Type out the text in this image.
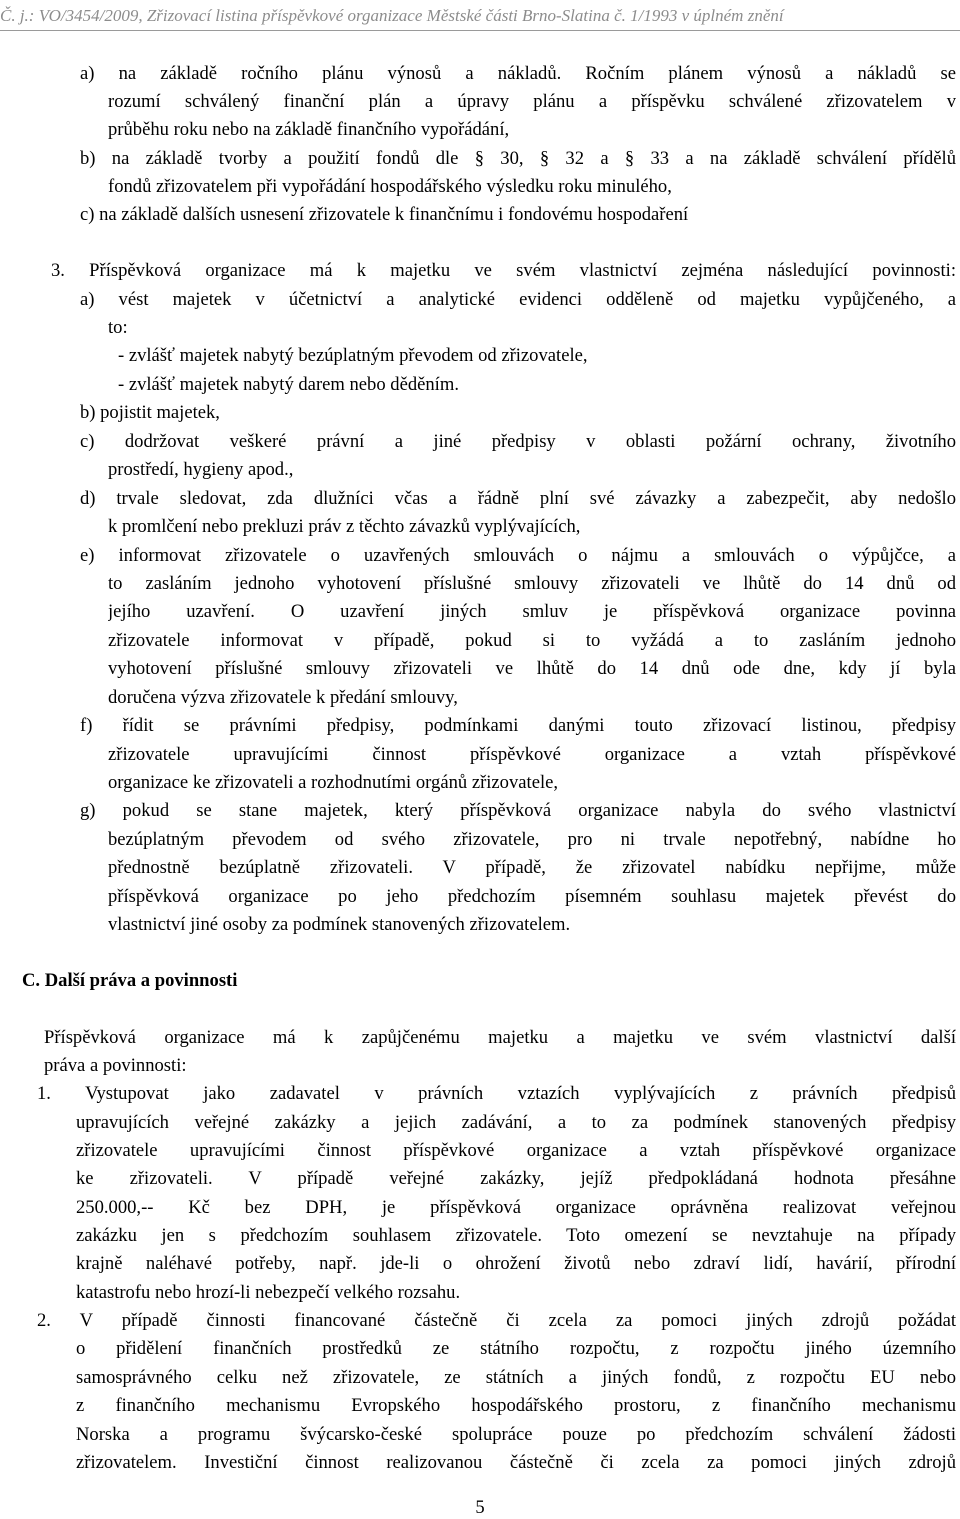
Č. j.: VO/3454/2009, Zřizovací listina příspěvkové organizace Městské části Brno-Slatina č. 1/1993 v úplném znění
a) na základě ročního plánu výnosů a nákladů. Ročním plánem výnosů a nákladů se
rozumí schválený finanční plán a úpravy plánu a příspěvku schválené zřizovatelem v
průběhu roku nebo na základě finančního vypořádání,
b) na základě tvorby a použití fondů dle § 30, § 32 a § 33 a na základě schválení přídělů
fondů zřizovatelem při vypořádání hospodářského výsledku roku minulého,
c) na základě dalších usnesení zřizovatele k finančnímu i fondovému hospodaření
3. Příspěvková organizace má k majetku ve svém vlastnictví zejména následující povinnosti:
a) vést majetek v účetnictví a analytické evidenci odděleně od majetku vypůjčeného, a
to:
- zvlášť majetek nabytý bezúplatným převodem od zřizovatele,
- zvlášť majetek nabytý darem nebo děděním.
b) pojistit majetek,
c) dodržovat veškeré právní a jiné předpisy v oblasti požární ochrany, životního
prostředí, hygieny apod.,
d) trvale sledovat, zda dlužníci včas a řádně plní své závazky a zabezpečit, aby nedošlo
k promlčení nebo prekluzi práv z těchto závazků vyplývajících,
e) informovat zřizovatele o uzavřených smlouvách o nájmu a smlouvách o výpůjčce, a
to zasláním jednoho vyhotovení příslušné smlouvy zřizovateli ve lhůtě do 14 dnů od
jejího uzavření. O uzavření jiných smluv je příspěvková organizace povinna
zřizovatele informovat v případě, pokud si to vyžádá a to zasláním jednoho
vyhotovení příslušné smlouvy zřizovateli ve lhůtě do 14 dnů ode dne, kdy jí byla
doručena výzva zřizovatele k předání smlouvy,
f) řídit se právními předpisy, podmínkami danými touto zřizovací listinou, předpisy
zřizovatele upravujícími činnost příspěvkové organizace a vztah příspěvkové
organizace ke zřizovateli a rozhodnutími orgánů zřizovatele,
g) pokud se stane majetek, který příspěvková organizace nabyla do svého vlastnictví
bezúplatným převodem od svého zřizovatele, pro ni trvale nepotřebný, nabídne ho
přednostně bezúplatně zřizovateli. V případě, že zřizovatel nabídku nepřijme, může
příspěvková organizace po jeho předchozím písemném souhlasu majetek převést do
vlastnictví jiné osoby za podmínek stanovených zřizovatelem.
C. Další práva a povinnosti
Příspěvková organizace má k zapůjčenému majetku a majetku ve svém vlastnictví další
práva a povinnosti:
1. Vystupovat jako zadavatel v právních vztazích vyplývajících z právních předpisů
upravujících veřejné zakázky a jejich zadávání, a to za podmínek stanovených předpisy
zřizovatele upravujícími činnost příspěvkové organizace a vztah příspěvkové organizace
ke zřizovateli. V případě veřejné zakázky, jejíž předpokládaná hodnota přesáhne
250.000,-- Kč bez DPH, je příspěvková organizace oprávněna realizovat veřejnou
zakázku jen s předchozím souhlasem zřizovatele. Toto omezení se nevztahuje na případy
krajně naléhavé potřeby, např. jde-li o ohrožení životů nebo zdraví lidí, havárií, přírodní
katastrofu nebo hrozí-li nebezpečí velkého rozsahu.
2. V případě činnosti financované částečně či zcela za pomoci jiných zdrojů požádat
o přidělení finančních prostředků ze státního rozpočtu, z rozpočtu jiného územního
samosprávného celku než zřizovatele, ze státních a jiných fondů, z rozpočtu EU nebo
z finančního mechanismu Evropského hospodářského prostoru, z finančního mechanismu
Norska a programu švýcarsko-české spolupráce pouze po předchozím schválení žádosti
zřizovatelem. Investiční činnost realizovanou částečně či zcela za pomoci jiných zdrojů
5
